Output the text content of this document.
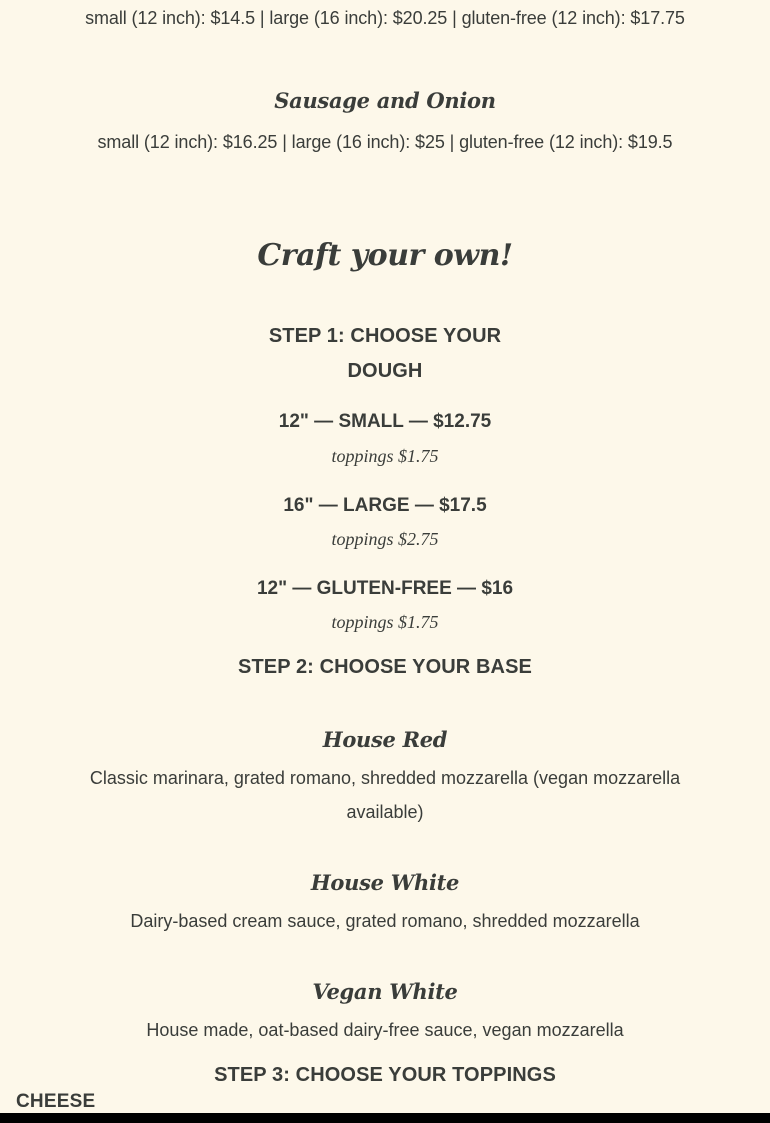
small (12 inch): $14.5 | large (16 inch): $20.25 | gluten-free (12 inch): $17.75
Sausage and Onion
small (12 inch): $16.25 | large (16 inch): $25 | gluten-free (12 inch): $19.5
Craft your own!
STEP 1: CHOOSE YOUR
DOUGH
12" — SMALL — $12.75
toppings $1.75
16" — LARGE — $17.5
toppings $2.75
12" — GLUTEN-FREE — $16
toppings $1.75
STEP 2: CHOOSE YOUR BASE
House Red
Classic marinara, grated romano, shredded mozzarella (vegan mozzarella
available)
House White
Dairy-based cream sauce, grated romano, shredded mozzarella
Vegan White
House made, oat-based dairy-free sauce, vegan mozzarella
STEP 3: CHOOSE YOUR TOPPINGS
CHEESE
